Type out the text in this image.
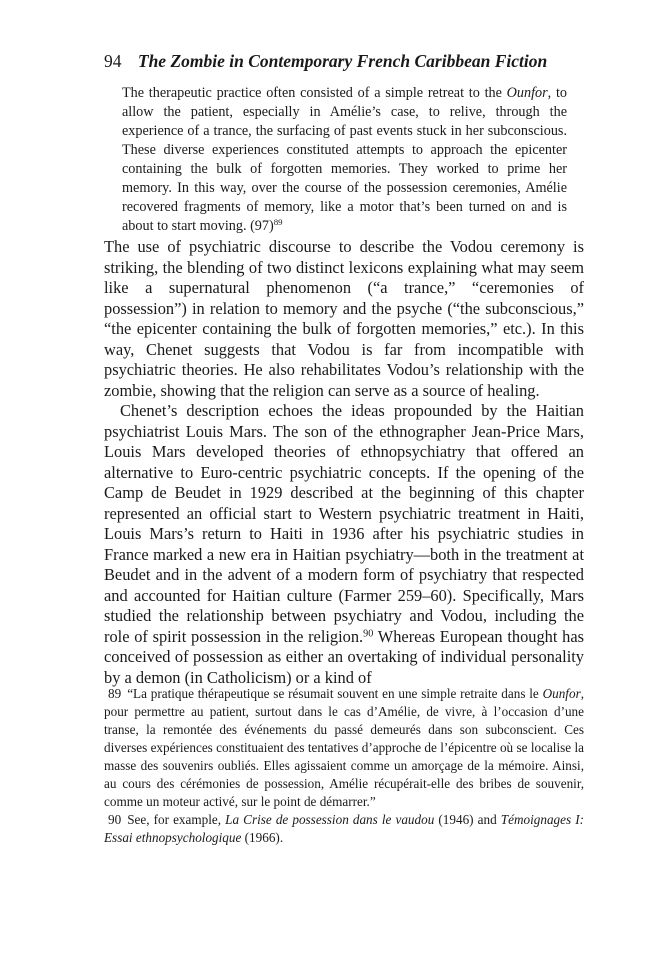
94 The Zombie in Contemporary French Caribbean Fiction
The therapeutic practice often consisted of a simple retreat to the Ounfor, to allow the patient, especially in Amélie’s case, to relive, through the experience of a trance, the surfacing of past events stuck in her subconscious. These diverse experiences constituted attempts to approach the epicenter containing the bulk of forgotten memories. They worked to prime her memory. In this way, over the course of the possession ceremonies, Amélie recovered fragments of memory, like a motor that’s been turned on and is about to start moving. $(97)^{89}$

The use of psychiatric discourse to describe the Vodou ceremony is striking, the blending of two distinct lexicons explaining what may seem like a supernatural phenomenon (“a trance,” “ceremonies of possession”) in relation to memory and the psyche (“the subconscious,” “the epicenter containing the bulk of forgotten memories,” etc.). In this way, Chenet suggests that Vodou is far from incompatible with psychiatric theories. He also rehabilitates Vodou’s relationship with the zombie, showing that the religion can serve as a source of healing.

Chenet’s description echoes the ideas propounded by the Haitian psychiatrist Louis Mars. The son of the ethnographer Jean-Price Mars, Louis Mars developed theories of ethnopsychiatry that offered an alternative to Euro-centric psychiatric concepts. If the opening of the Camp de Beudet in 1929 described at the beginning of this chapter represented an official start to Western psychiatric treatment in Haiti, Louis Mars’s return to Haiti in 1936 after his psychiatric studies in France marked a new era in Haitian psychiatry—both in the treatment at Beudet and in the advent of a modern form of psychiatry that respected and accounted for Haitian culture (Farmer 259–60). Specifically, Mars studied the relationship between psychiatry and Vodou, including the role of spirit possession in the religion.$^{90}$ Whereas European thought has conceived of possession as either an overtaking of individual personality by a demon (in Catholicism) or a kind of

89 “La pratique thérapeutique se résumait souvent en une simple retraite dans le Ounfor, pour permettre au patient, surtout dans le cas d’Amélie, de vivre, à l’occasion d’une transe, la remontée des événements du passé demeurés dans son subconscient. Ces diverses expériences constituaient des tentatives d’approche de l’épicentre où se localise la masse des souvenirs oubliés. Elles agissaient comme un amorçage de la mémoire. Ainsi, au cours des cérémonies de possession, Amélie récupérait-elle des bribes de souvenir, comme un moteur activé, sur le point de démarrer.”

90 See, for example, La Crise de possession dans le vaudou (1946) and Témoignages I: Essai ethnopsychologique (1966).
